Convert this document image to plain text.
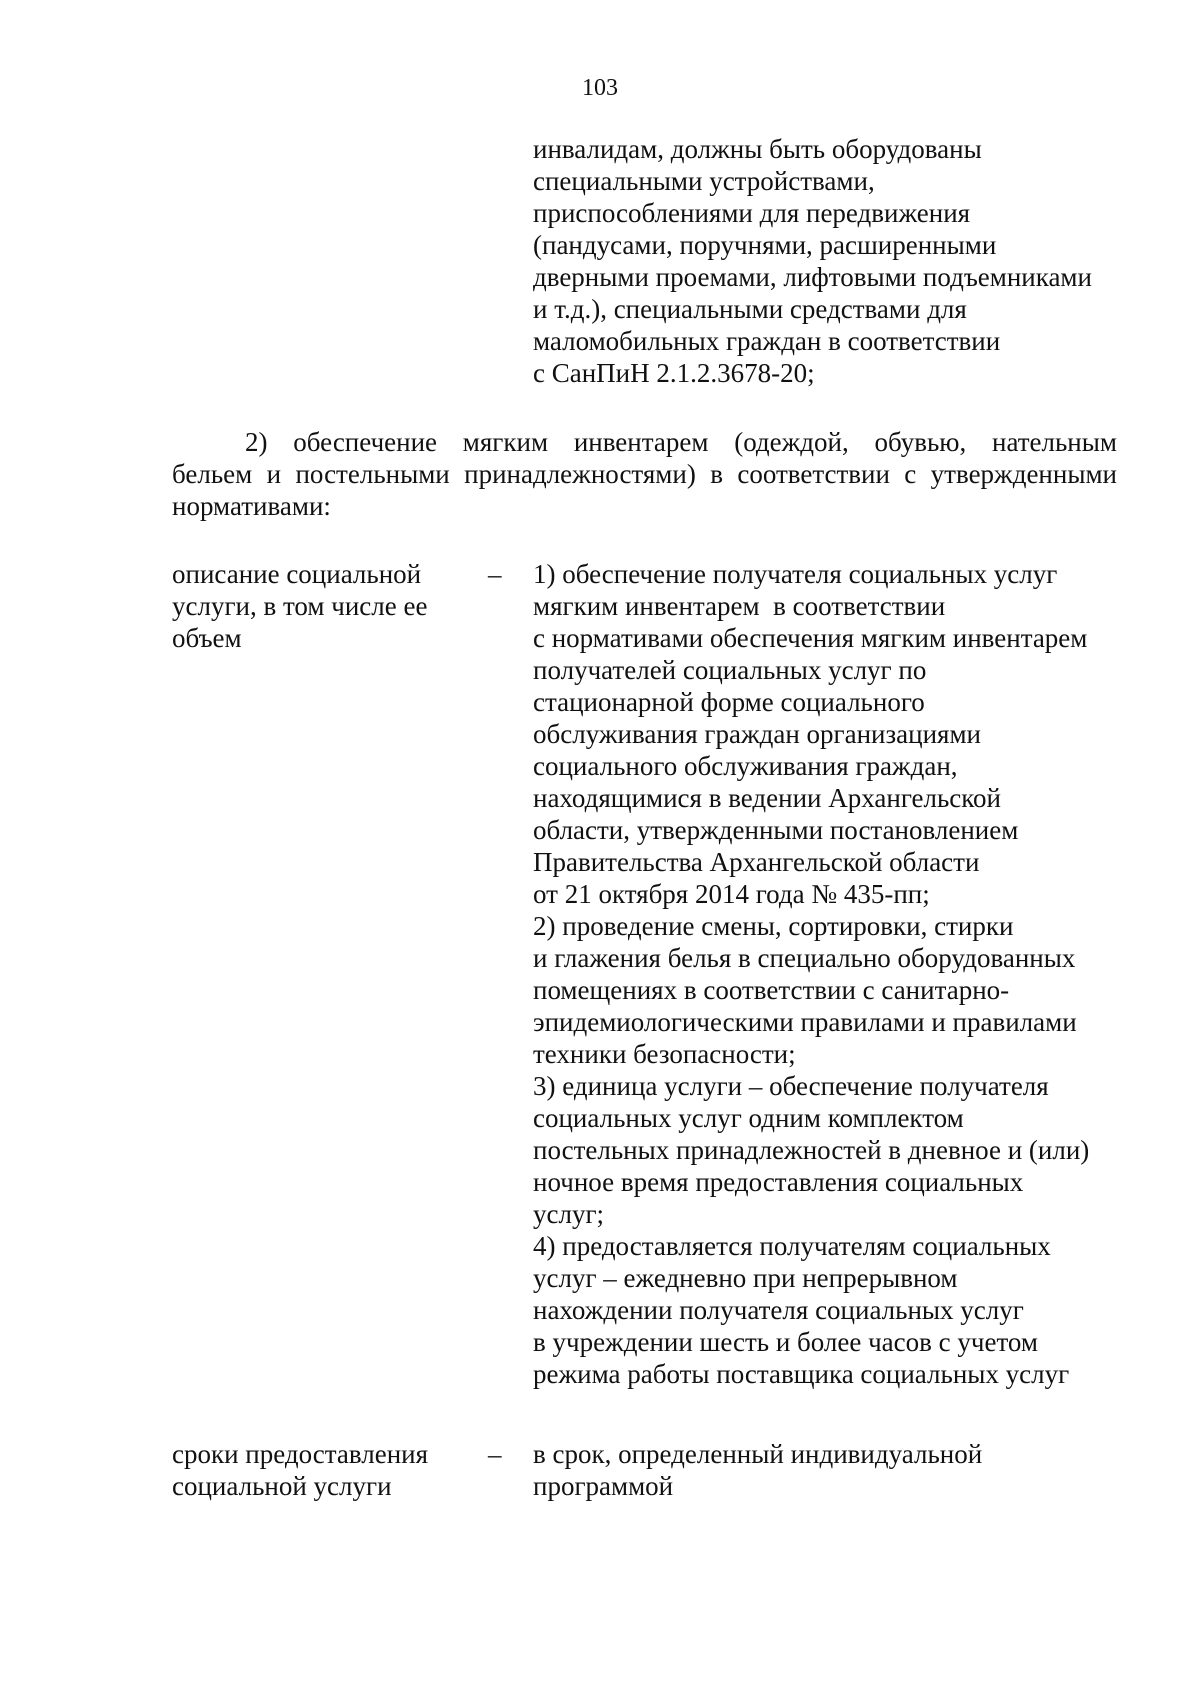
103
инвалидам, должны быть оборудованы
специальными устройствами,
приспособлениями для передвижения
(пандусами, поручнями, расширенными
дверными проемами, лифтовыми подъемниками
и т.д.), специальными средствами для
маломобильных граждан в соответствии
с СанПиН 2.1.2.3678-20;
2) обеспечение мягким инвентарем (одеждой, обувью, нательным
бельем и постельными принадлежностями) в соответствии с утвержденными
нормативами:
описание социальной
услуги, в том числе ее
объем
– 1) обеспечение получателя социальных услуг
мягким инвентарем  в соответствии
с нормативами обеспечения мягким инвентарем
получателей социальных услуг по
стационарной форме социального
обслуживания граждан организациями
социального обслуживания граждан,
находящимися в ведении Архангельской
области, утвержденными постановлением
Правительства Архангельской области
от 21 октября 2014 года № 435-пп;
2) проведение смены, сортировки, стирки
и глажения белья в специально оборудованных
помещениях в соответствии с санитарно-
эпидемиологическими правилами и правилами
техники безопасности;
3) единица услуги – обеспечение получателя
социальных услуг одним комплектом
постельных принадлежностей в дневное и (или)
ночное время предоставления социальных
услуг;
4) предоставляется получателям социальных
услуг – ежедневно при непрерывном
нахождении получателя социальных услуг
в учреждении шесть и более часов с учетом
режима работы поставщика социальных услуг
сроки предоставления
социальной услуги
– в срок, определенный индивидуальной
программой
